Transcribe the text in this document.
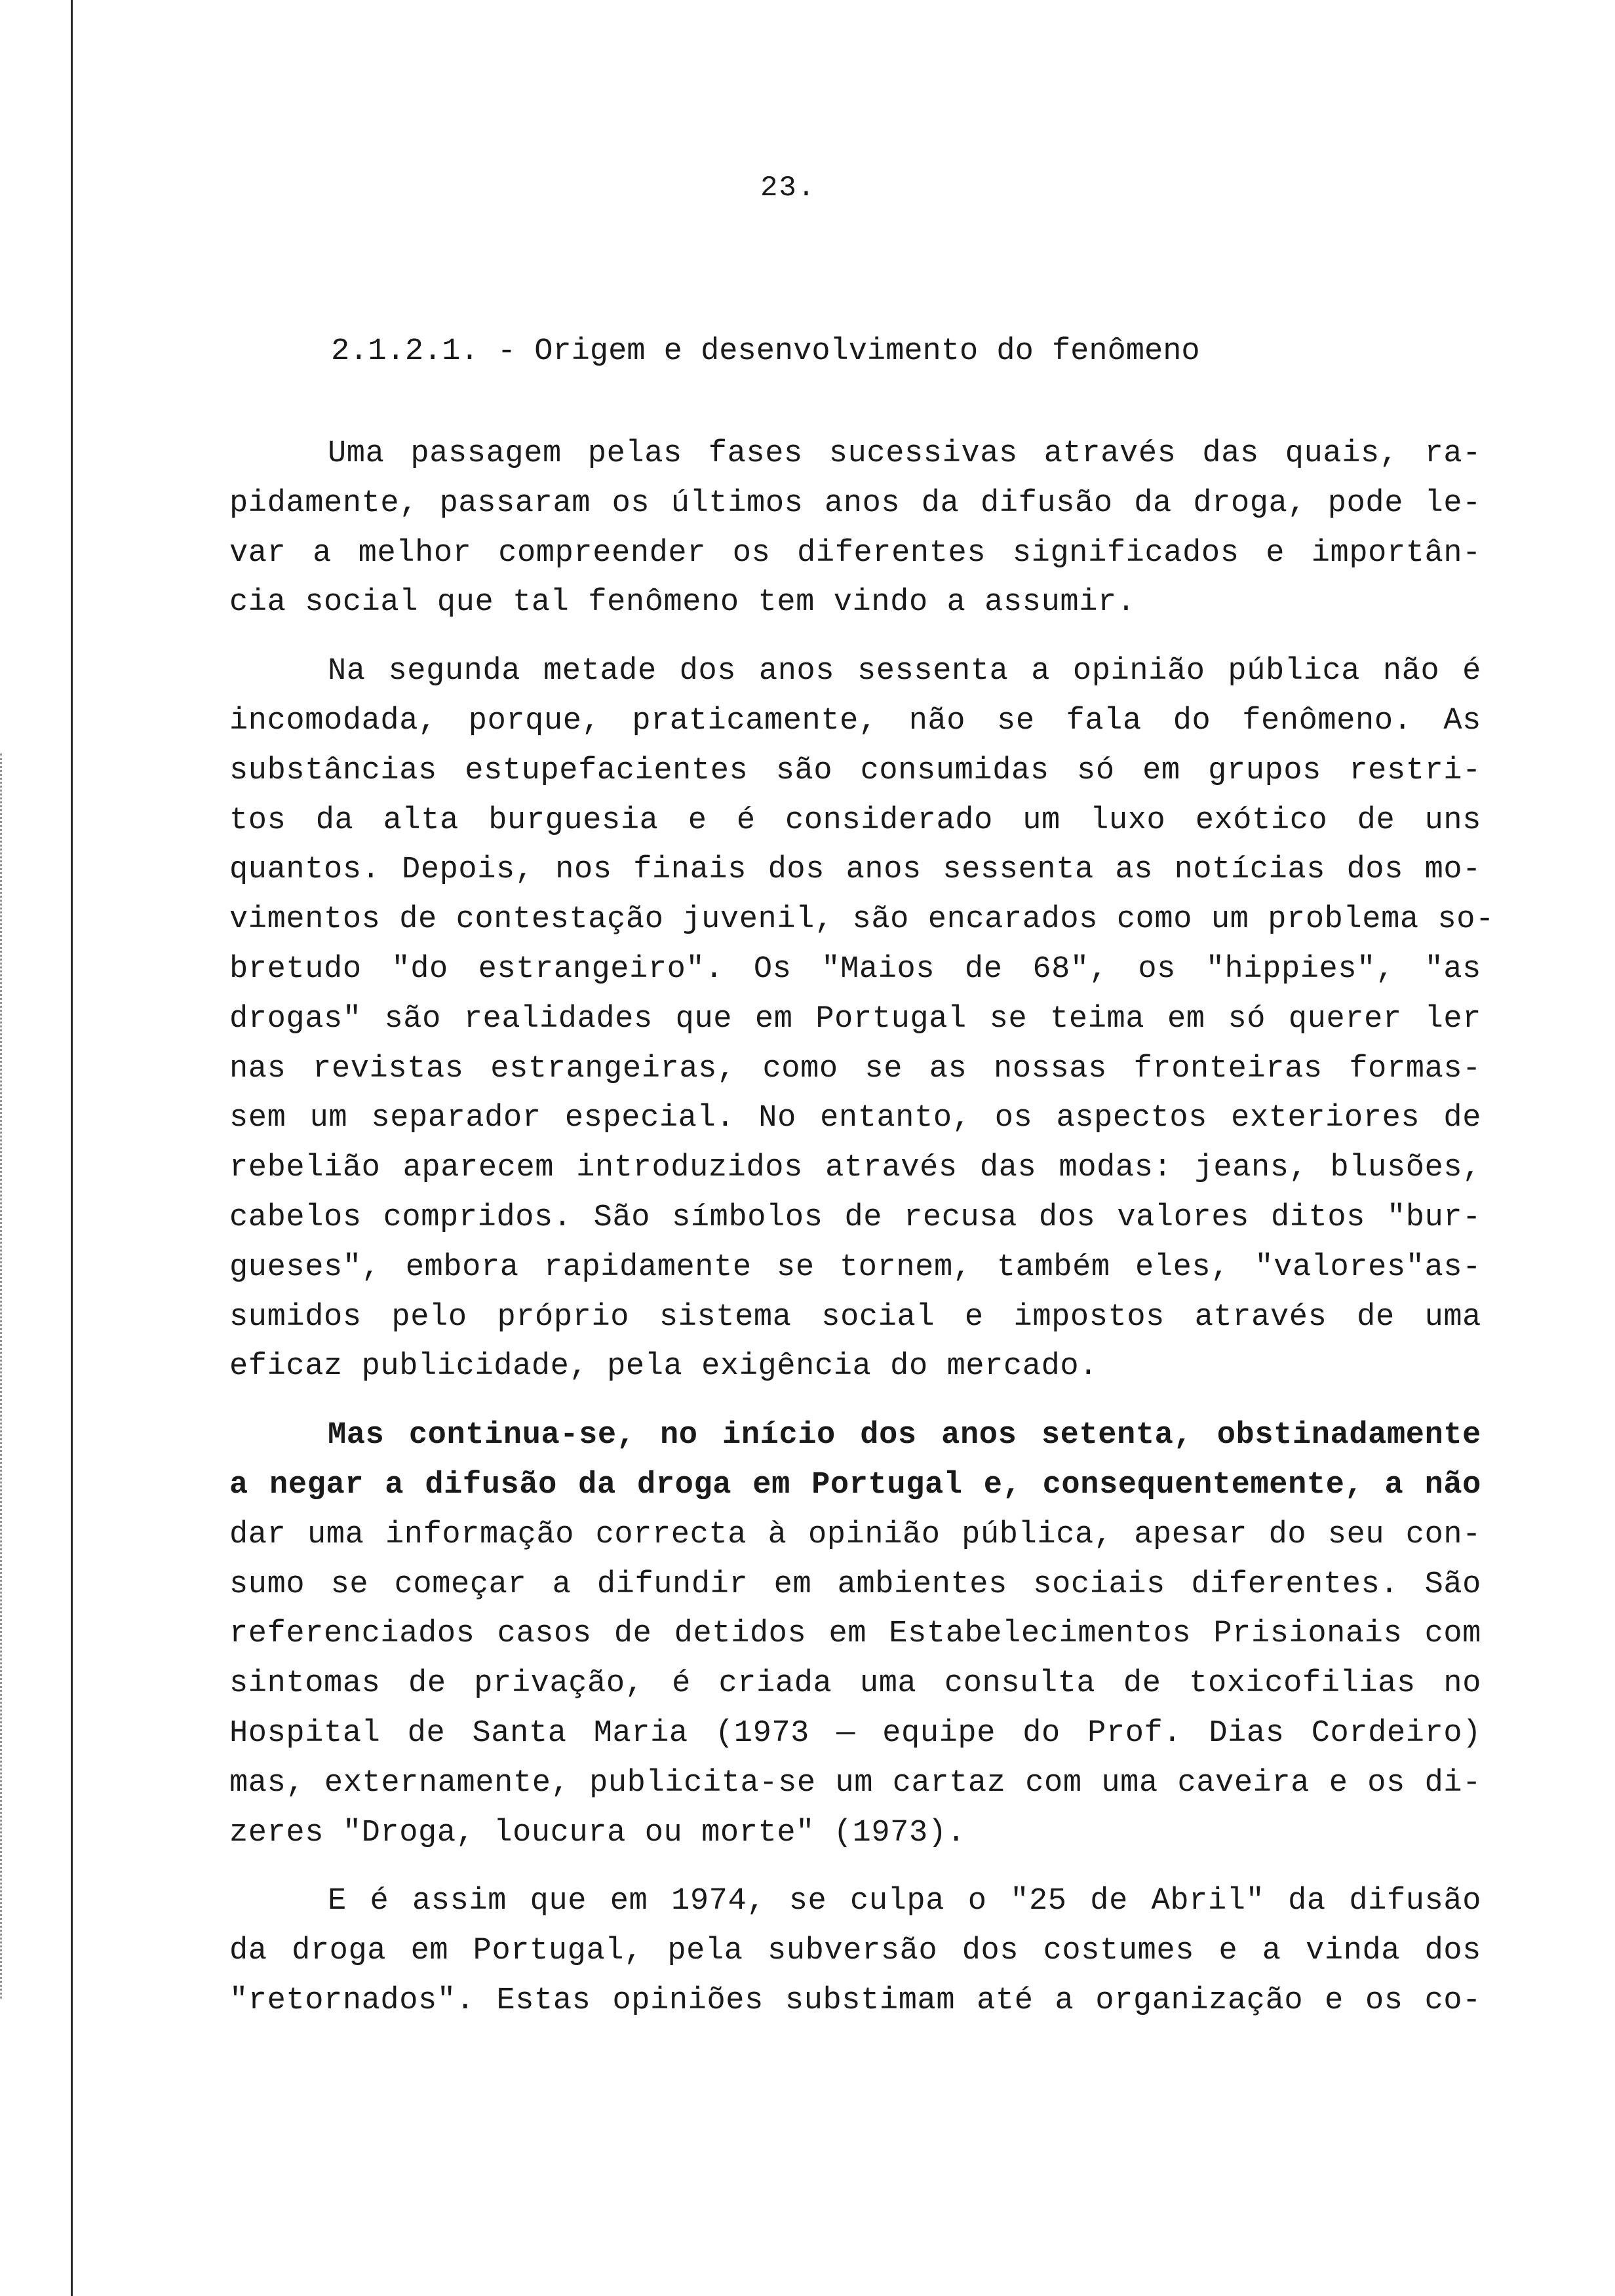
23.
2.1.2.1. - Origem e desenvolvimento do fenômeno

Uma passagem pelas fases sucessivas através das quais, ra-
pidamente, passaram os últimos anos da difusão da droga, pode le-
var a melhor compreender os diferentes significados e importân-
cia social que tal fenômeno tem vindo a assumir.

Na segunda metade dos anos sessenta a opinião pública não é
incomodada, porque, praticamente, não se fala do fenômeno. As
substâncias estupefacientes são consumidas só em grupos restri-
tos da alta burguesia e é considerado um luxo exótico de uns
quantos. Depois, nos finais dos anos sessenta as notícias dos mo-
vimentos de contestação juvenil, são encarados como um problema so-
bretudo "do estrangeiro". Os "Maios de 68", os "hippies", "as
drogas" são realidades que em Portugal se teima em só querer ler
nas revistas estrangeiras, como se as nossas fronteiras formas-
sem um separador especial. No entanto, os aspectos exteriores de
rebelião aparecem introduzidos através das modas: jeans, blusões,
cabelos compridos. São símbolos de recusa dos valores ditos "bur-
gueses", embora rapidamente se tornem, também eles, "valores"as-
sumidos pelo próprio sistema social e impostos através de uma
eficaz publicidade, pela exigência do mercado.

Mas continua-se, no início dos anos setenta, obstinadamente
a negar a difusão da droga em Portugal e, consequentemente, a não
dar uma informação correcta à opinião pública, apesar do seu con-
sumo se começar a difundir em ambientes sociais diferentes. São
referenciados casos de detidos em Estabelecimentos Prisionais com
sintomas de privação, é criada uma consulta de toxicofilias no
Hospital de Santa Maria (1973 — equipe do Prof. Dias Cordeiro)
mas, externamente, publicita-se um cartaz com uma caveira e os di-
zeres "Droga, loucura ou morte" (1973).

E é assim que em 1974, se culpa o "25 de Abril" da difusão
da droga em Portugal, pela subversão dos costumes e a vinda dos
"retornados". Estas opiniões substimam até a organização e os co-
